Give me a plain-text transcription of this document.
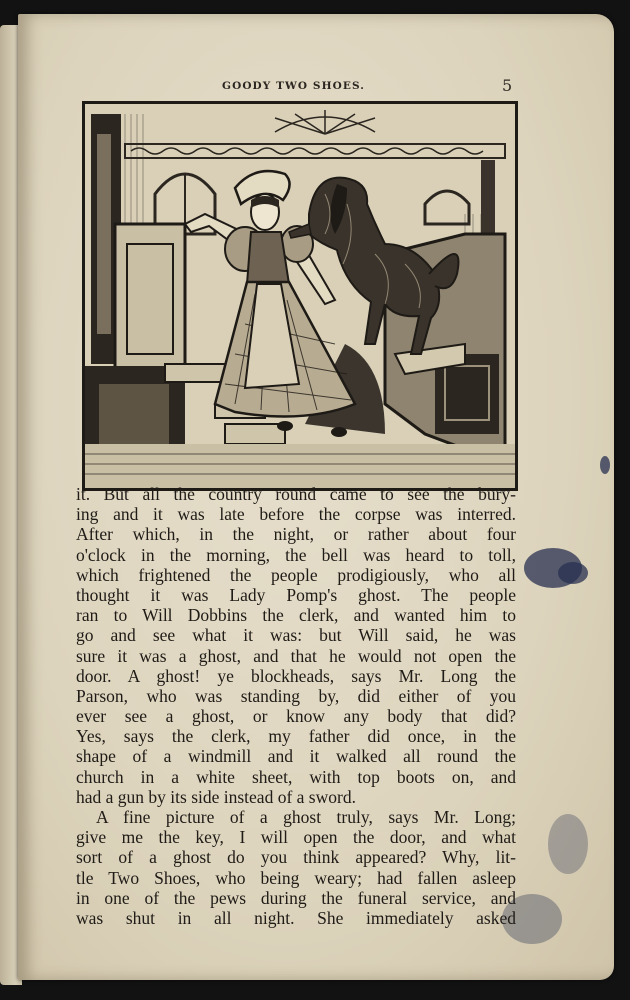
GOODY TWO SHOES.	5
it. But all the country round came to see the bury-
ing and it was late before the corpse was interred.
After which, in the night, or rather about four
o'clock in the morning, the bell was heard to toll,
which frightened the people prodigiously, who all
thought it was Lady Pomp's ghost. The people
ran to Will Dobbins the clerk, and wanted him to
go and see what it was: but Will said, he was
sure it was a ghost, and that he would not open the
door. A ghost! ye blockheads, says Mr. Long the
Parson, who was standing by, did either of you
ever see a ghost, or know any body that did?
Yes, says the clerk, my father did once, in the
shape of a windmill and it walked all round the
church in a white sheet, with top boots on, and
had a gun by its side instead of a sword.
A fine picture of a ghost truly, says Mr. Long;
give me the key, I will open the door, and what
sort of a ghost do you think appeared? Why, lit-
tle Two Shoes, who being weary; had fallen asleep
in one of the pews during the funeral service, and
was shut in all night. She immediately asked
